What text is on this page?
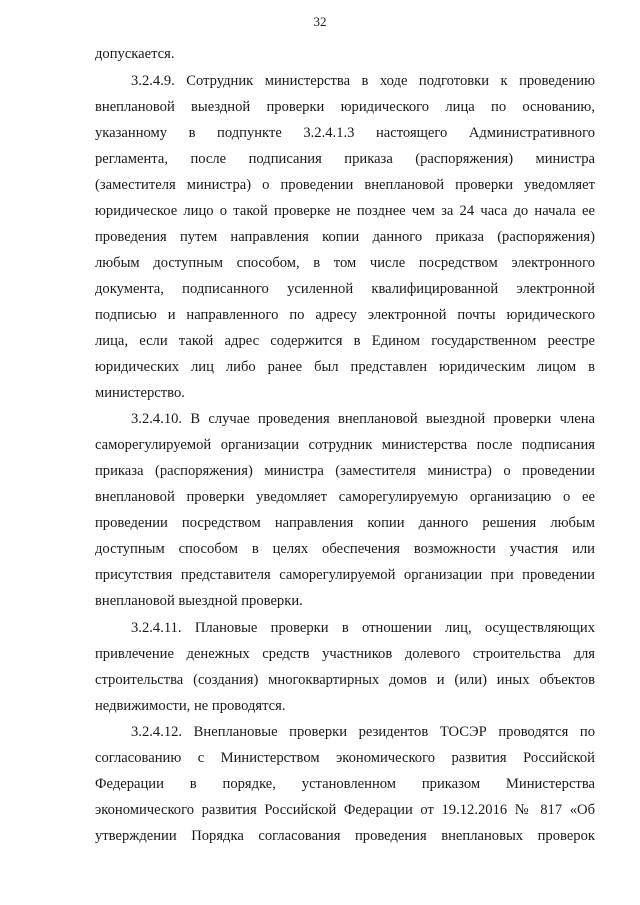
32
допускается.
3.2.4.9. Сотрудник министерства в ходе подготовки к проведению
внеплановой выездной проверки юридического лица по основанию,
указанному в подпункте 3.2.4.1.3 настоящего Административного
регламента, после подписания приказа (распоряжения) министра
(заместителя министра) о проведении внеплановой проверки уведомляет
юридическое лицо о такой проверке не позднее чем за 24 часа до начала ее
проведения путем направления копии данного приказа (распоряжения)
любым доступным способом, в том числе посредством электронного
документа, подписанного усиленной квалифицированной электронной
подписью и направленного по адресу электронной почты юридического
лица, если такой адрес содержится в Едином государственном реестре
юридических лиц либо ранее был представлен юридическим лицом в
министерство.
3.2.4.10. В случае проведения внеплановой выездной проверки члена
саморегулируемой организации сотрудник министерства после подписания
приказа (распоряжения) министра (заместителя министра) о проведении
внеплановой проверки уведомляет саморегулируемую организацию о ее
проведении посредством направления копии данного решения любым
доступным способом в целях обеспечения возможности участия или
присутствия представителя саморегулируемой организации при проведении
внеплановой выездной проверки.
3.2.4.11. Плановые проверки в отношении лиц, осуществляющих
привлечение денежных средств участников долевого строительства для
строительства (создания) многоквартирных домов и (или) иных объектов
недвижимости, не проводятся.
3.2.4.12. Внеплановые проверки резидентов ТОСЭР проводятся по
согласованию с Министерством экономического развития Российской
Федерации в порядке, установленном приказом Министерства
экономического развития Российской Федерации от 19.12.2016 № 817 «Об
утверждении Порядка согласования проведения внеплановых проверок
